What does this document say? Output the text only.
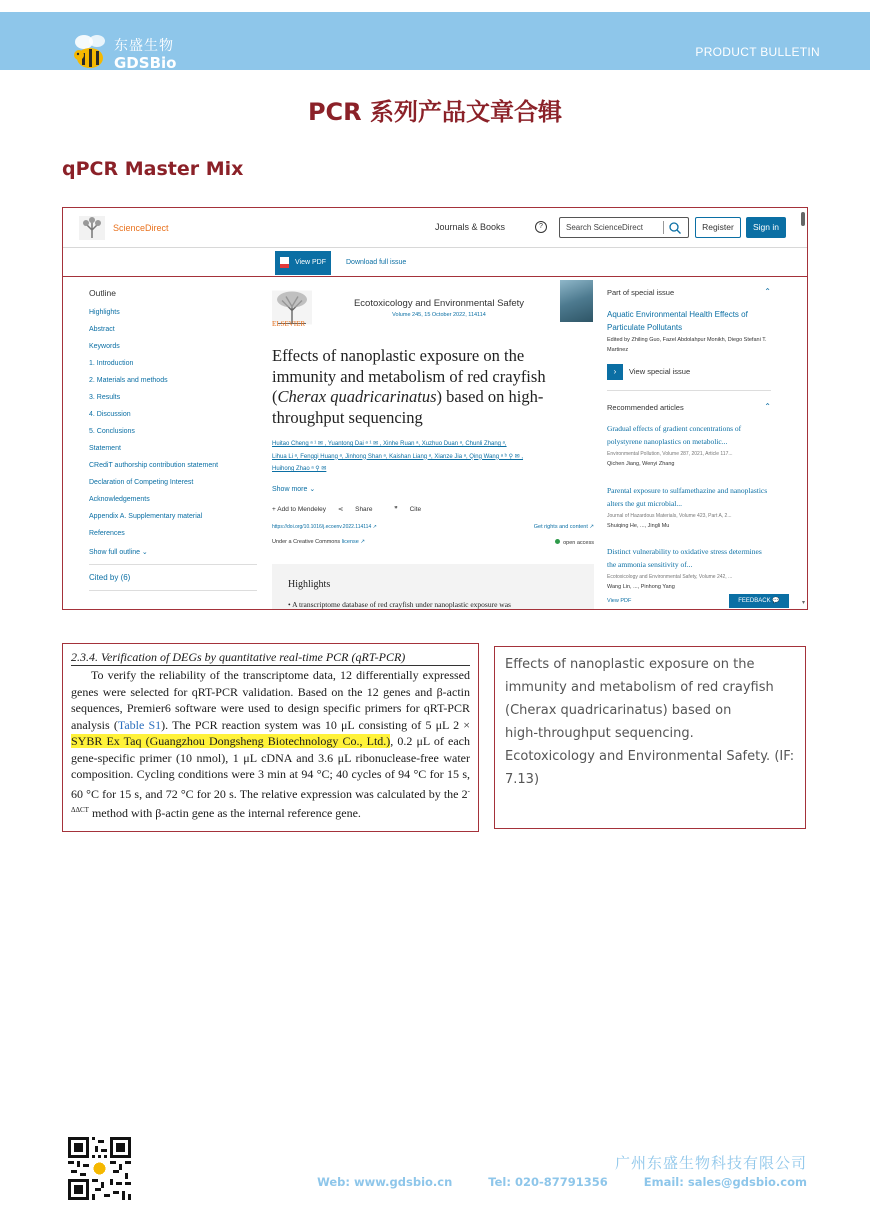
东盛生物
GDSBio
PRODUCT BULLETIN
PCR 系列产品文章合辑
qPCR Master Mix
ScienceDirect	Journals & Books	?	Search ScienceDirect	Register	Sign in
▾
View PDF	Download full issue
Outline
Highlights
Abstract
Keywords
1. Introduction
2. Materials and methods
3. Results
4. Discussion
5. Conclusions
Statement
CRediT authorship contribution statement
Declaration of Competing Interest
Acknowledgements
Appendix A. Supplementary material
References
Show full outline ⌄
Cited by (6)
ELSEVIER
Ecotoxicology and Environmental Safety
Volume 245, 15 October 2022, 114114
Effects of nanoplastic exposure on the
immunity and metabolism of red crayfish
(Cherax quadricarinatus) based on high-
throughput sequencing
Huitao Cheng ᵃ ¹ ✉ , Yuantong Dai ᵃ ¹ ✉ , Xinhe Ruan ᵃ, Xuzhuo Duan ᵃ, Chunli Zhang ᵃ,
Lihua Li ᵃ, Fengqi Huang ᵃ, Jinhong Shan ᵃ, Kaishan Liang ᵃ, Xianze Jia ᵃ, Qing Wang ᵃ ᵇ ⚲ ✉ ,
Huihong Zhao ᵃ ⚲ ✉
Show more ⌄
+ Add to Mendeley ⋖ Share	❞ Cite
https://doi.org/10.1016/j.ecoenv.2022.114114 ↗	Get rights and content ↗
Under a Creative Commons license ↗	open access
Highlights
• A transcriptome database of red crayfish under nanoplastic exposure was
Part of special issue	⌃
Aquatic Environmental Health Effects of Particulate Pollutants
Edited by Zhiling Guo, Fazel Abdolahpur Monikh, Diego Stefani T. Martinez
› View special issue
Recommended articles	⌃
Gradual effects of gradient concentrations of polystyrene nanoplastics on metabolic...
Environmental Pollution, Volume 287, 2021, Article 117...
Qichen Jiang, Wenyi Zhang
Parental exposure to sulfamethazine and nanoplastics alters the gut microbial...
Journal of Hazardous Materials, Volume 423, Part A, 2...
Shuiqing He, ..., Jingli Mu
Distinct vulnerability to oxidative stress determines the ammonia sensitivity of...
Ecotoxicology and Environmental Safety, Volume 242, ...
Wang Lin, ..., Pinhong Yang
View PDF	FEEDBACK 💬
2.3.4. Verification of DEGs by quantitative real-time PCR (qRT-PCR)
To verify the reliability of the transcriptome data, 12 differentially expressed genes were selected for qRT-PCR validation. Based on the 12 genes and β-actin sequences, Premier6 software were used to design specific primers for qRT-PCR analysis (Table S1). The PCR reaction system was 10 μL consisting of 5 μL 2 × SYBR Ex Taq (Guangzhou Dongsheng Biotechnology Co., Ltd.), 0.2 μL of each gene-specific primer (10 nmol), 1 μL cDNA and 3.6 μL ribonuclease-free water composition. Cycling conditions were 3 min at 94 °C; 40 cycles of 94 °C for 15 s, 60 °C for 15 s, and 72 °C for 20 s. The relative expression was calculated by the $2^{-\Delta\Delta CT}$ method with β-actin gene as the internal reference gene.
Effects of nanoplastic exposure on the
immunity and metabolism of red crayfish
(Cherax quadricarinatus) based on
high-throughput sequencing.
Ecotoxicology and Environmental Safety. (IF:
7.13)
广州东盛生物科技有限公司
Web: www.gdsbio.cn	Tel: 020-87791356	Email: sales@gdsbio.com
